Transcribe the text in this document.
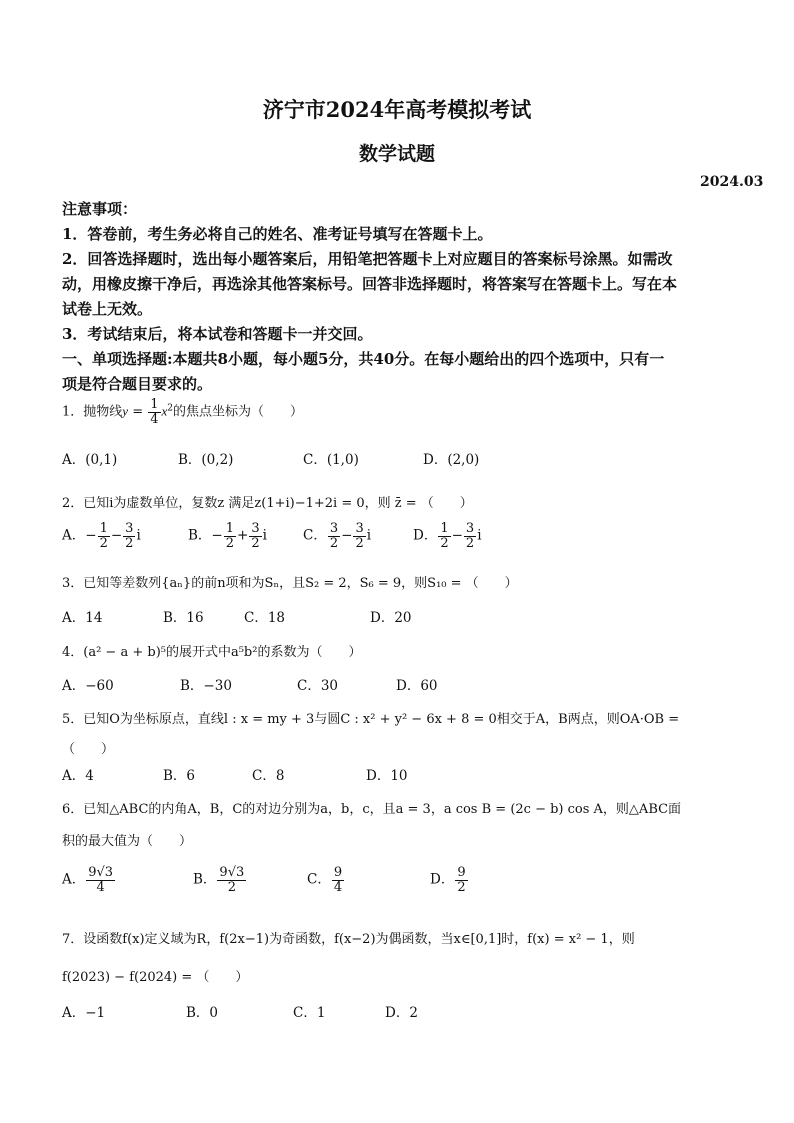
济宁市2024年高考模拟考试
数学试题
2024.03
注意事项：
1．答卷前，考生务必将自己的姓名、准考证号填写在答题卡上。
2．回答选择题时，选出每小题答案后，用铅笔把答题卡上对应题目的答案标号涂黑。如需改
动，用橡皮擦干净后，再选涂其他答案标号。回答非选择题时，将答案写在答题卡上。写在本
试卷上无效。
3．考试结束后，将本试卷和答题卡一并交回。
一、单项选择题:本题共8小题，每小题5分，共40分。在每小题给出的四个选项中，只有一
项是符合题目要求的。
1．抛物线$y = \frac{1}{4} x^2$的焦点坐标为（　　）
A．(0,1)	B．(0,2)	C．(1,0)	D．(2,0)
2．已知i为虚数单位，复数z 满足z(1+i)−1+2i = 0，则 z̄ = （　　）
A．− $\frac{1}{2} - \frac{3}{2}$ i	B．− $\frac{1}{2} + \frac{3}{2}$ i	C． $\frac{3}{2} - \frac{3}{2}$ i	D． $\frac{1}{2} - \frac{3}{2}$ i
3．已知等差数列{aₙ}的前n项和为Sₙ，且S₂ = 2，S₆ = 9，则S₁₀ = （　　）
A．14	B．16	C．18	D．20
4．(a² − a + b)⁵的展开式中a⁵b²的系数为（　　）
A．−60	B．−30	C．30	D．60
5．已知O为坐标原点，直线l : x = my + 3与圆C : x² + y² − 6x + 8 = 0相交于A，B两点，则OA·OB =
（　　）
A．4	B．6	C．8	D．10
6．已知△ABC的内角A，B，C的对边分别为a，b，c，且a = 3，a cos B = (2c − b) cos A，则△ABC面
积的最大值为（　　）
A． $\frac{9√3}{4}$	B． $\frac{9√3}{2}$	C． $\frac{9}{4}$	D． $\frac{9}{2}$
7．设函数f(x)定义域为R，f(2x−1)为奇函数，f(x−2)为偶函数，当x∈[0,1]时，f(x) = x² − 1，则
f(2023) − f(2024) = （　　）
A．−1	B．0	C．1	D．2
